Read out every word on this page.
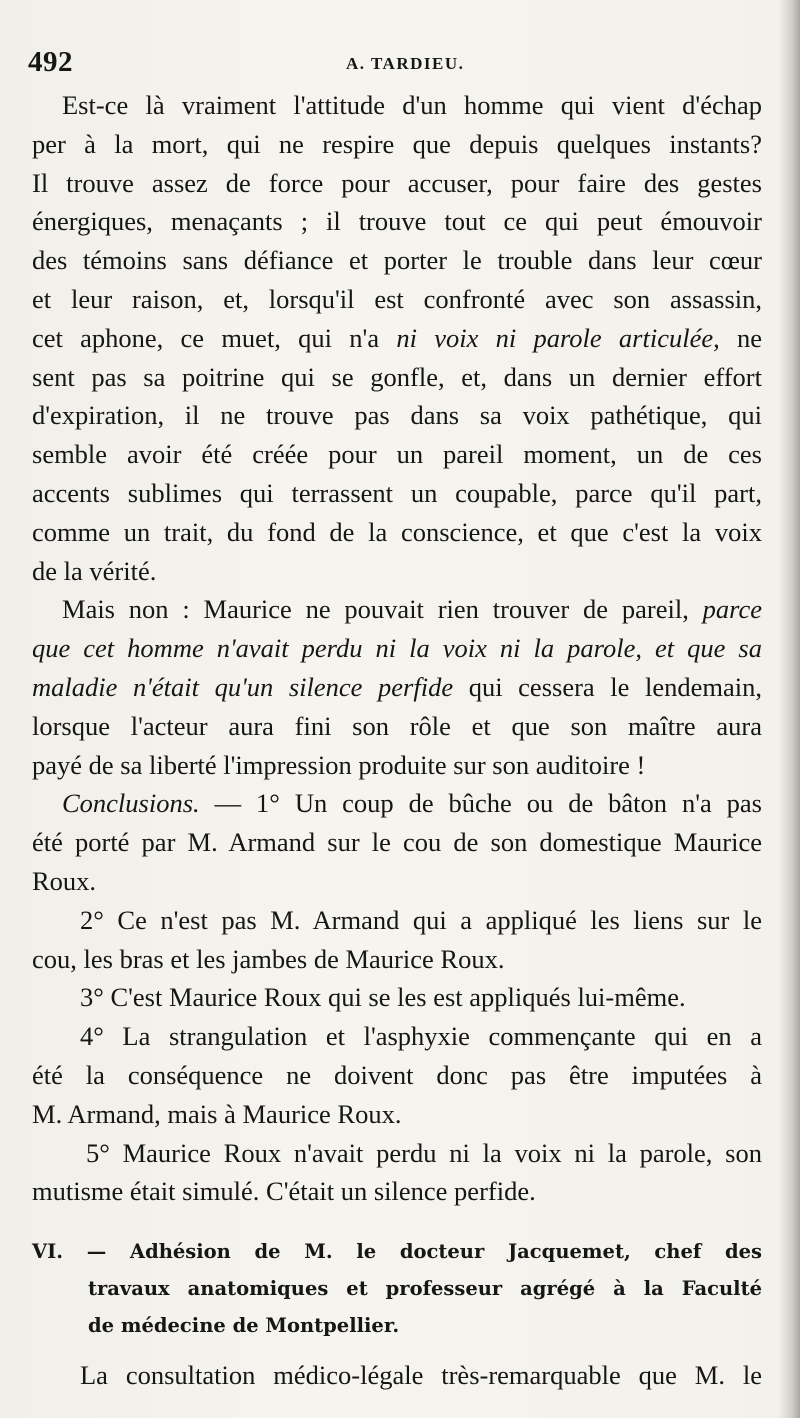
492	A. TARDIEU.
Est-ce là vraiment l'attitude d'un homme qui vient d'échap
per à la mort, qui ne respire que depuis quelques instants?
Il trouve assez de force pour accuser, pour faire des gestes
énergiques, menaçants ; il trouve tout ce qui peut émouvoir
des témoins sans défiance et porter le trouble dans leur cœur
et leur raison, et, lorsqu'il est confronté avec son assassin,
cet aphone, ce muet, qui n'a ni voix ni parole articulée, ne
sent pas sa poitrine qui se gonfle, et, dans un dernier effort
d'expiration, il ne trouve pas dans sa voix pathétique, qui
semble avoir été créée pour un pareil moment, un de ces
accents sublimes qui terrassent un coupable, parce qu'il part,
comme un trait, du fond de la conscience, et que c'est la voix
de la vérité.
Mais non : Maurice ne pouvait rien trouver de pareil, parce
que cet homme n'avait perdu ni la voix ni la parole, et que sa
maladie n'était qu'un silence perfide qui cessera le lendemain,
lorsque l'acteur aura fini son rôle et que son maître aura
payé de sa liberté l'impression produite sur son auditoire !
Conclusions. — 1° Un coup de bûche ou de bâton n'a pas
été porté par M. Armand sur le cou de son domestique Maurice
Roux.
2° Ce n'est pas M. Armand qui a appliqué les liens sur le
cou, les bras et les jambes de Maurice Roux.
3° C'est Maurice Roux qui se les est appliqués lui-même.
4° La strangulation et l'asphyxie commençante qui en a
été la conséquence ne doivent donc pas être imputées à
M. Armand, mais à Maurice Roux.
5° Maurice Roux n'avait perdu ni la voix ni la parole, son
mutisme était simulé. C'était un silence perfide.
VI. — Adhésion de M. le docteur Jacquemet, chef des
travaux anatomiques et professeur agrégé à la Faculté
de médecine de Montpellier.
La consultation médico-légale très-remarquable que M. le
